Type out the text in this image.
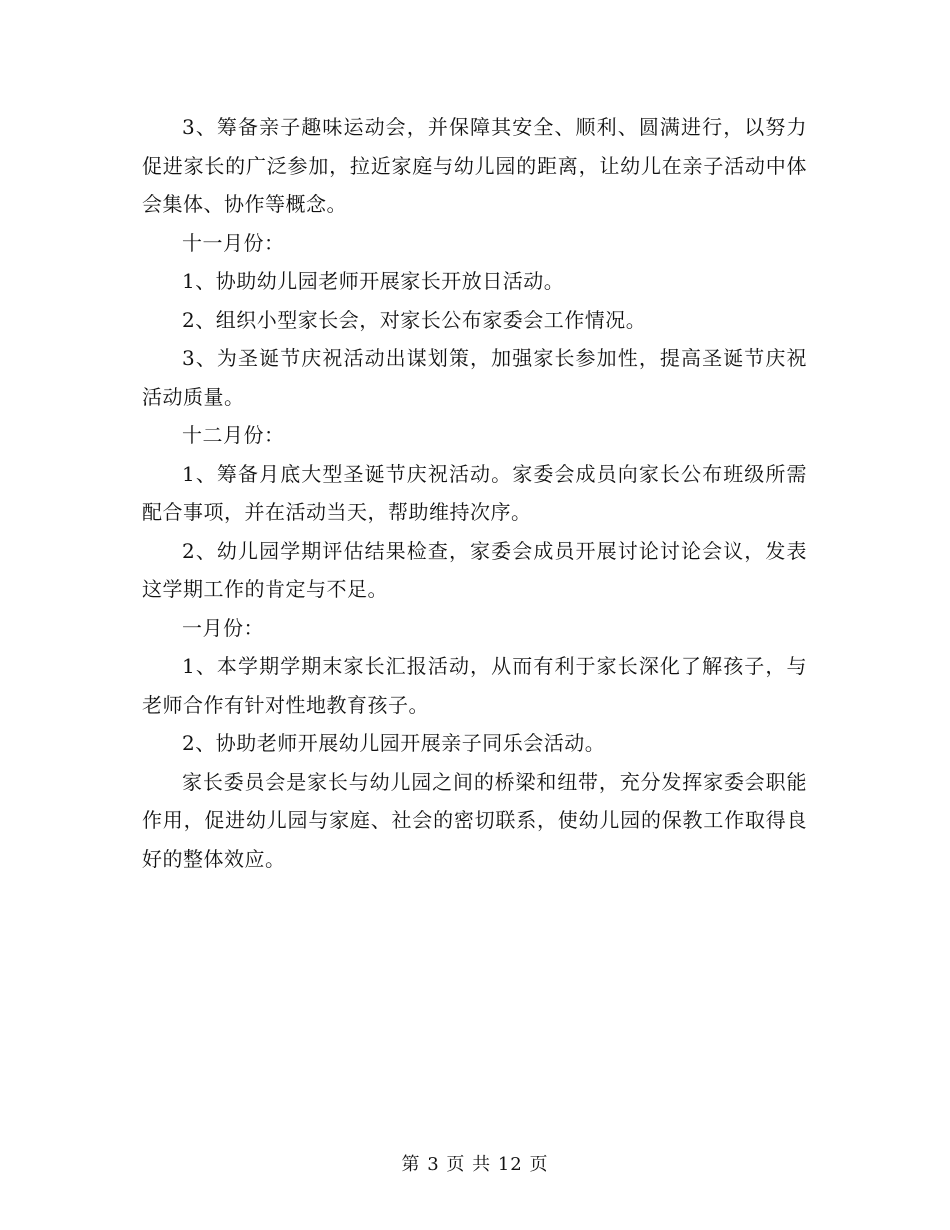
3、筹备亲子趣味运动会，并保障其安全、顺利、圆满进行，以努力促进家长的广泛参加，拉近家庭与幼儿园的距离，让幼儿在亲子活动中体会集体、协作等概念。

十一月份：

1、协助幼儿园老师开展家长开放日活动。

2、组织小型家长会，对家长公布家委会工作情况。

3、为圣诞节庆祝活动出谋划策，加强家长参加性，提高圣诞节庆祝活动质量。

十二月份：

1、筹备月底大型圣诞节庆祝活动。家委会成员向家长公布班级所需配合事项，并在活动当天，帮助维持次序。

2、幼儿园学期评估结果检查，家委会成员开展讨论讨论会议，发表这学期工作的肯定与不足。

一月份：

1、本学期学期末家长汇报活动，从而有利于家长深化了解孩子，与老师合作有针对性地教育孩子。

2、协助老师开展幼儿园开展亲子同乐会活动。

家长委员会是家长与幼儿园之间的桥梁和纽带，充分发挥家委会职能作用，促进幼儿园与家庭、社会的密切联系，使幼儿园的保教工作取得良好的整体效应。

第 3 页 共 12 页
